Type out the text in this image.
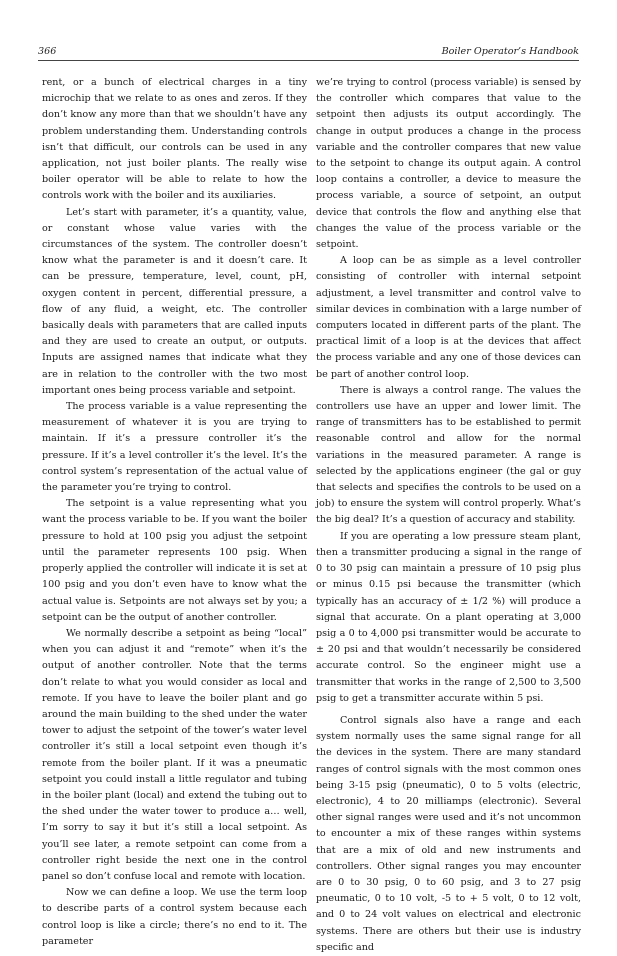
366	Boiler Operator’s Handbook

rent, or a bunch of electrical charges in a tiny microchip that we relate to as ones and zeros. If they don’t know any more than that we shouldn’t have any problem understanding them. Understanding controls isn’t that difficult, our controls can be used in any application, not just boiler plants. The really wise boiler operator will be able to relate to how the controls work with the boiler and its auxiliaries.

Let’s start with parameter, it’s a quantity, value, or constant whose value varies with the circumstances of the system. The controller doesn’t know what the parameter is and it doesn’t care. It can be pressure, temperature, level, count, pH, oxygen content in percent, differential pressure, a flow of any fluid, a weight, etc. The controller basically deals with parameters that are called inputs and they are used to create an output, or outputs. Inputs are assigned names that indicate what they are in relation to the controller with the two most important ones being process variable and setpoint.

The process variable is a value representing the measurement of whatever it is you are trying to maintain. If it’s a pressure controller it’s the pressure. If it’s a level controller it’s the level. It’s the control system’s representation of the actual value of the parameter you’re trying to control.

The setpoint is a value representing what you want the process variable to be. If you want the boiler pressure to hold at 100 psig you adjust the setpoint until the parameter represents 100 psig. When properly applied the controller will indicate it is set at 100 psig and you don’t even have to know what the actual value is. Setpoints are not always set by you; a setpoint can be the output of another controller.

We normally describe a setpoint as being “local” when you can adjust it and “remote” when it’s the output of another controller. Note that the terms don’t relate to what you would consider as local and remote. If you have to leave the boiler plant and go around the main building to the shed under the water tower to adjust the setpoint of the tower’s water level controller it’s still a local setpoint even though it’s remote from the boiler plant. If it was a pneumatic setpoint you could install a little regulator and tubing in the boiler plant (local) and extend the tubing out to the shed under the water tower to produce a… well, I’m sorry to say it but it’s still a local setpoint. As you’ll see later, a remote setpoint can come from a controller right beside the next one in the control panel so don’t confuse local and remote with location.

Now we can define a loop. We use the term loop to describe parts of a control system because each control loop is like a circle; there’s no end to it. The parameter

we’re trying to control (process variable) is sensed by the controller which compares that value to the setpoint then adjusts its output accordingly. The change in output produces a change in the process variable and the controller compares that new value to the setpoint to change its output again. A control loop contains a controller, a device to measure the process variable, a source of setpoint, an output device that controls the flow and anything else that changes the value of the process variable or the setpoint.

A loop can be as simple as a level controller consisting of controller with internal setpoint adjustment, a level transmitter and control valve to similar devices in combination with a large number of computers located in different parts of the plant. The practical limit of a loop is at the devices that affect the process variable and any one of those devices can be part of another control loop.

There is always a control range. The values the controllers use have an upper and lower limit. The range of transmitters has to be established to permit reasonable control and allow for the normal variations in the measured parameter. A range is selected by the applications engineer (the gal or guy that selects and specifies the controls to be used on a job) to ensure the system will control properly. What’s the big deal? It’s a question of accuracy and stability.

If you are operating a low pressure steam plant, then a transmitter producing a signal in the range of 0 to 30 psig can maintain a pressure of 10 psig plus or minus 0.15 psi because the transmitter (which typically has an accuracy of ± 1/2 %) will produce a signal that accurate. On a plant operating at 3,000 psig a 0 to 4,000 psi transmitter would be accurate to ± 20 psi and that wouldn’t necessarily be considered accurate control. So the engineer might use a transmitter that works in the range of 2,500 to 3,500 psig to get a transmitter accurate within 5 psi.

Control signals also have a range and each system normally uses the same signal range for all the devices in the system. There are many standard ranges of control signals with the most common ones being 3-15 psig (pneumatic), 0 to 5 volts (electric, electronic), 4 to 20 milliamps (electronic). Several other signal ranges were used and it’s not uncommon to encounter a mix of these ranges within systems that are a mix of old and new instruments and controllers. Other signal ranges you may encounter are 0 to 30 psig, 0 to 60 psig, and 3 to 27 psig pneumatic, 0 to 10 volt, -5 to + 5 volt, 0 to 12 volt, and 0 to 24 volt values on electrical and electronic systems. There are others but their use is industry specific and
